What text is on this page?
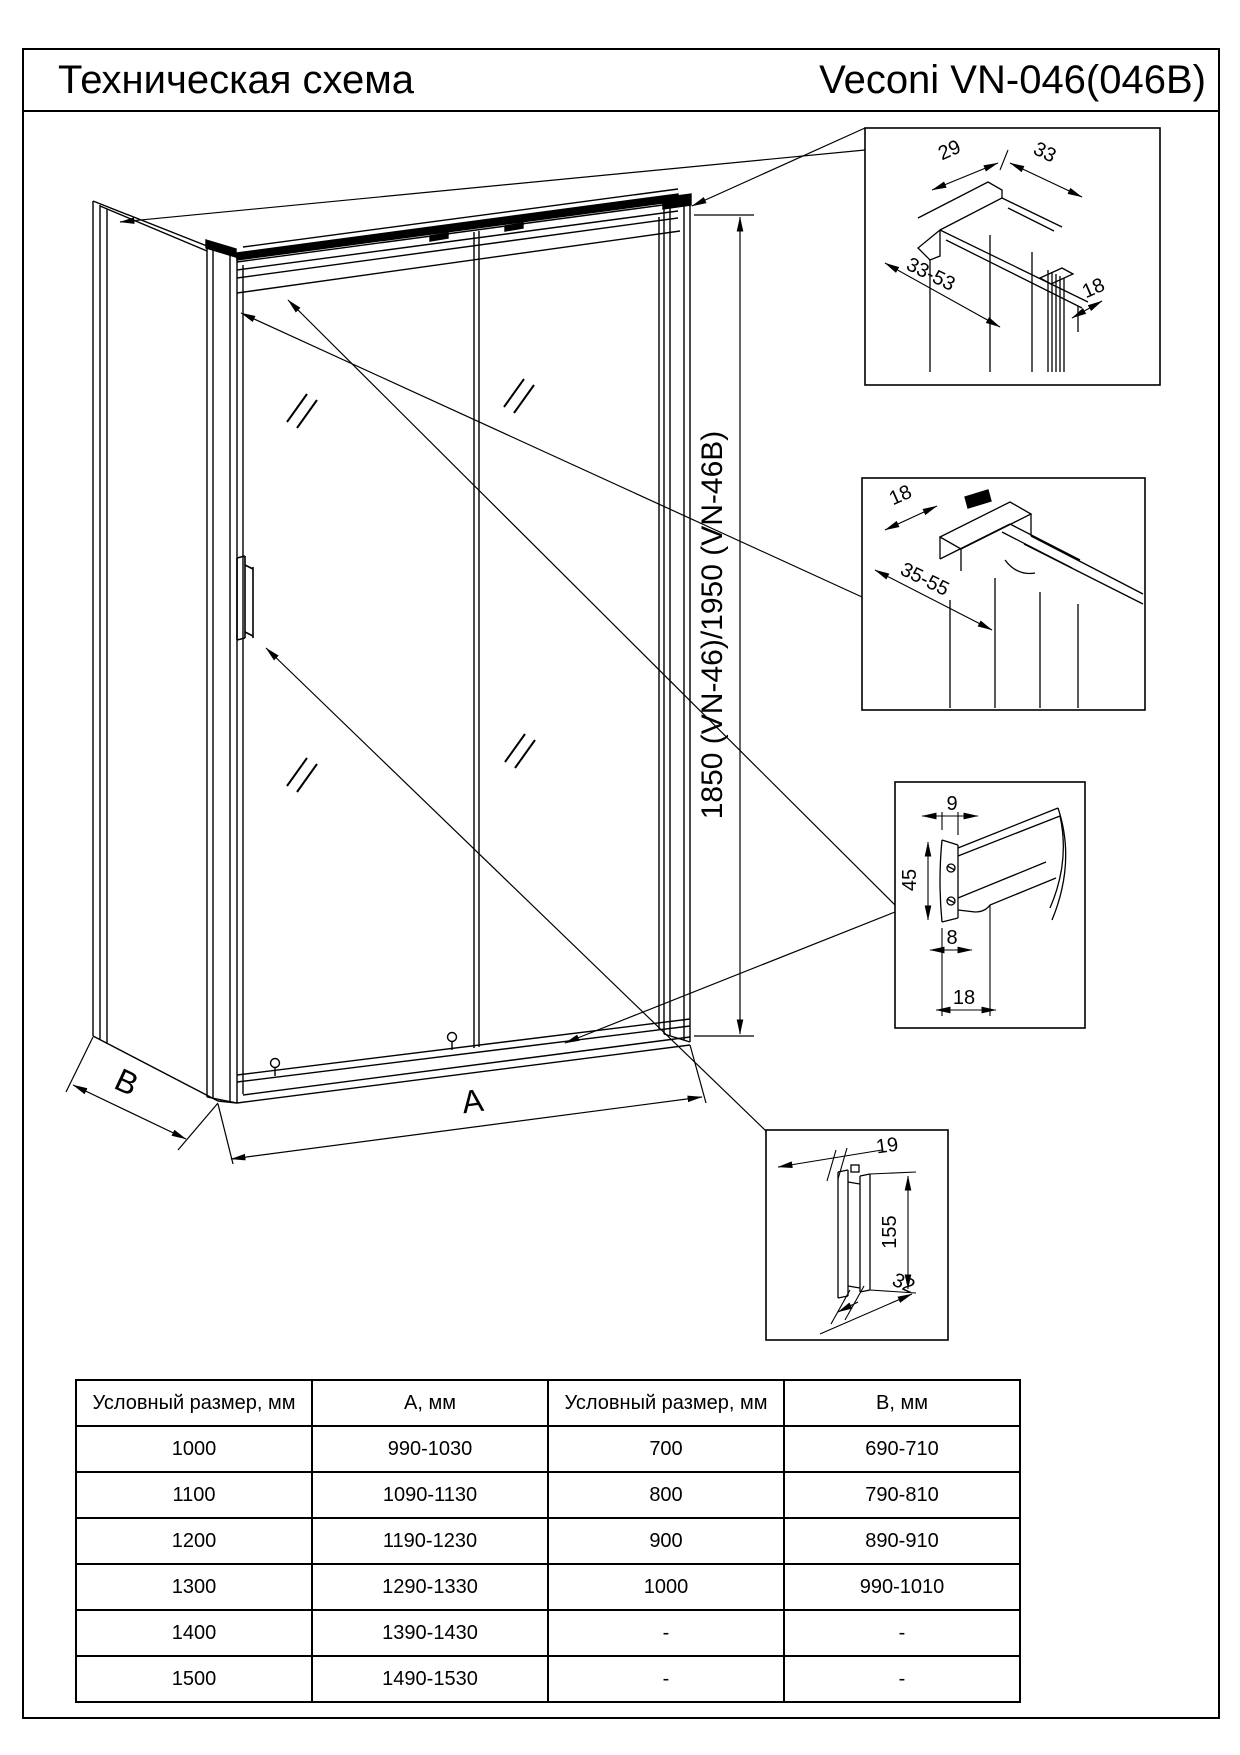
Техническая схема	Veconi VN-046(046B)
1850 (VN-46)/1950 (VN-46B)
A
B
29	33
33-53	18
18
35-55
9
45
8
18
19
155
32
Условный размер, мм	А, мм	Условный размер, мм	В, мм
1000	990-1030	700	690-710
1100	1090-1130	800	790-810
1200	1190-1230	900	890-910
1300	1290-1330	1000	990-1010
1400	1390-1430	-	-
1500	1490-1530	-	-
